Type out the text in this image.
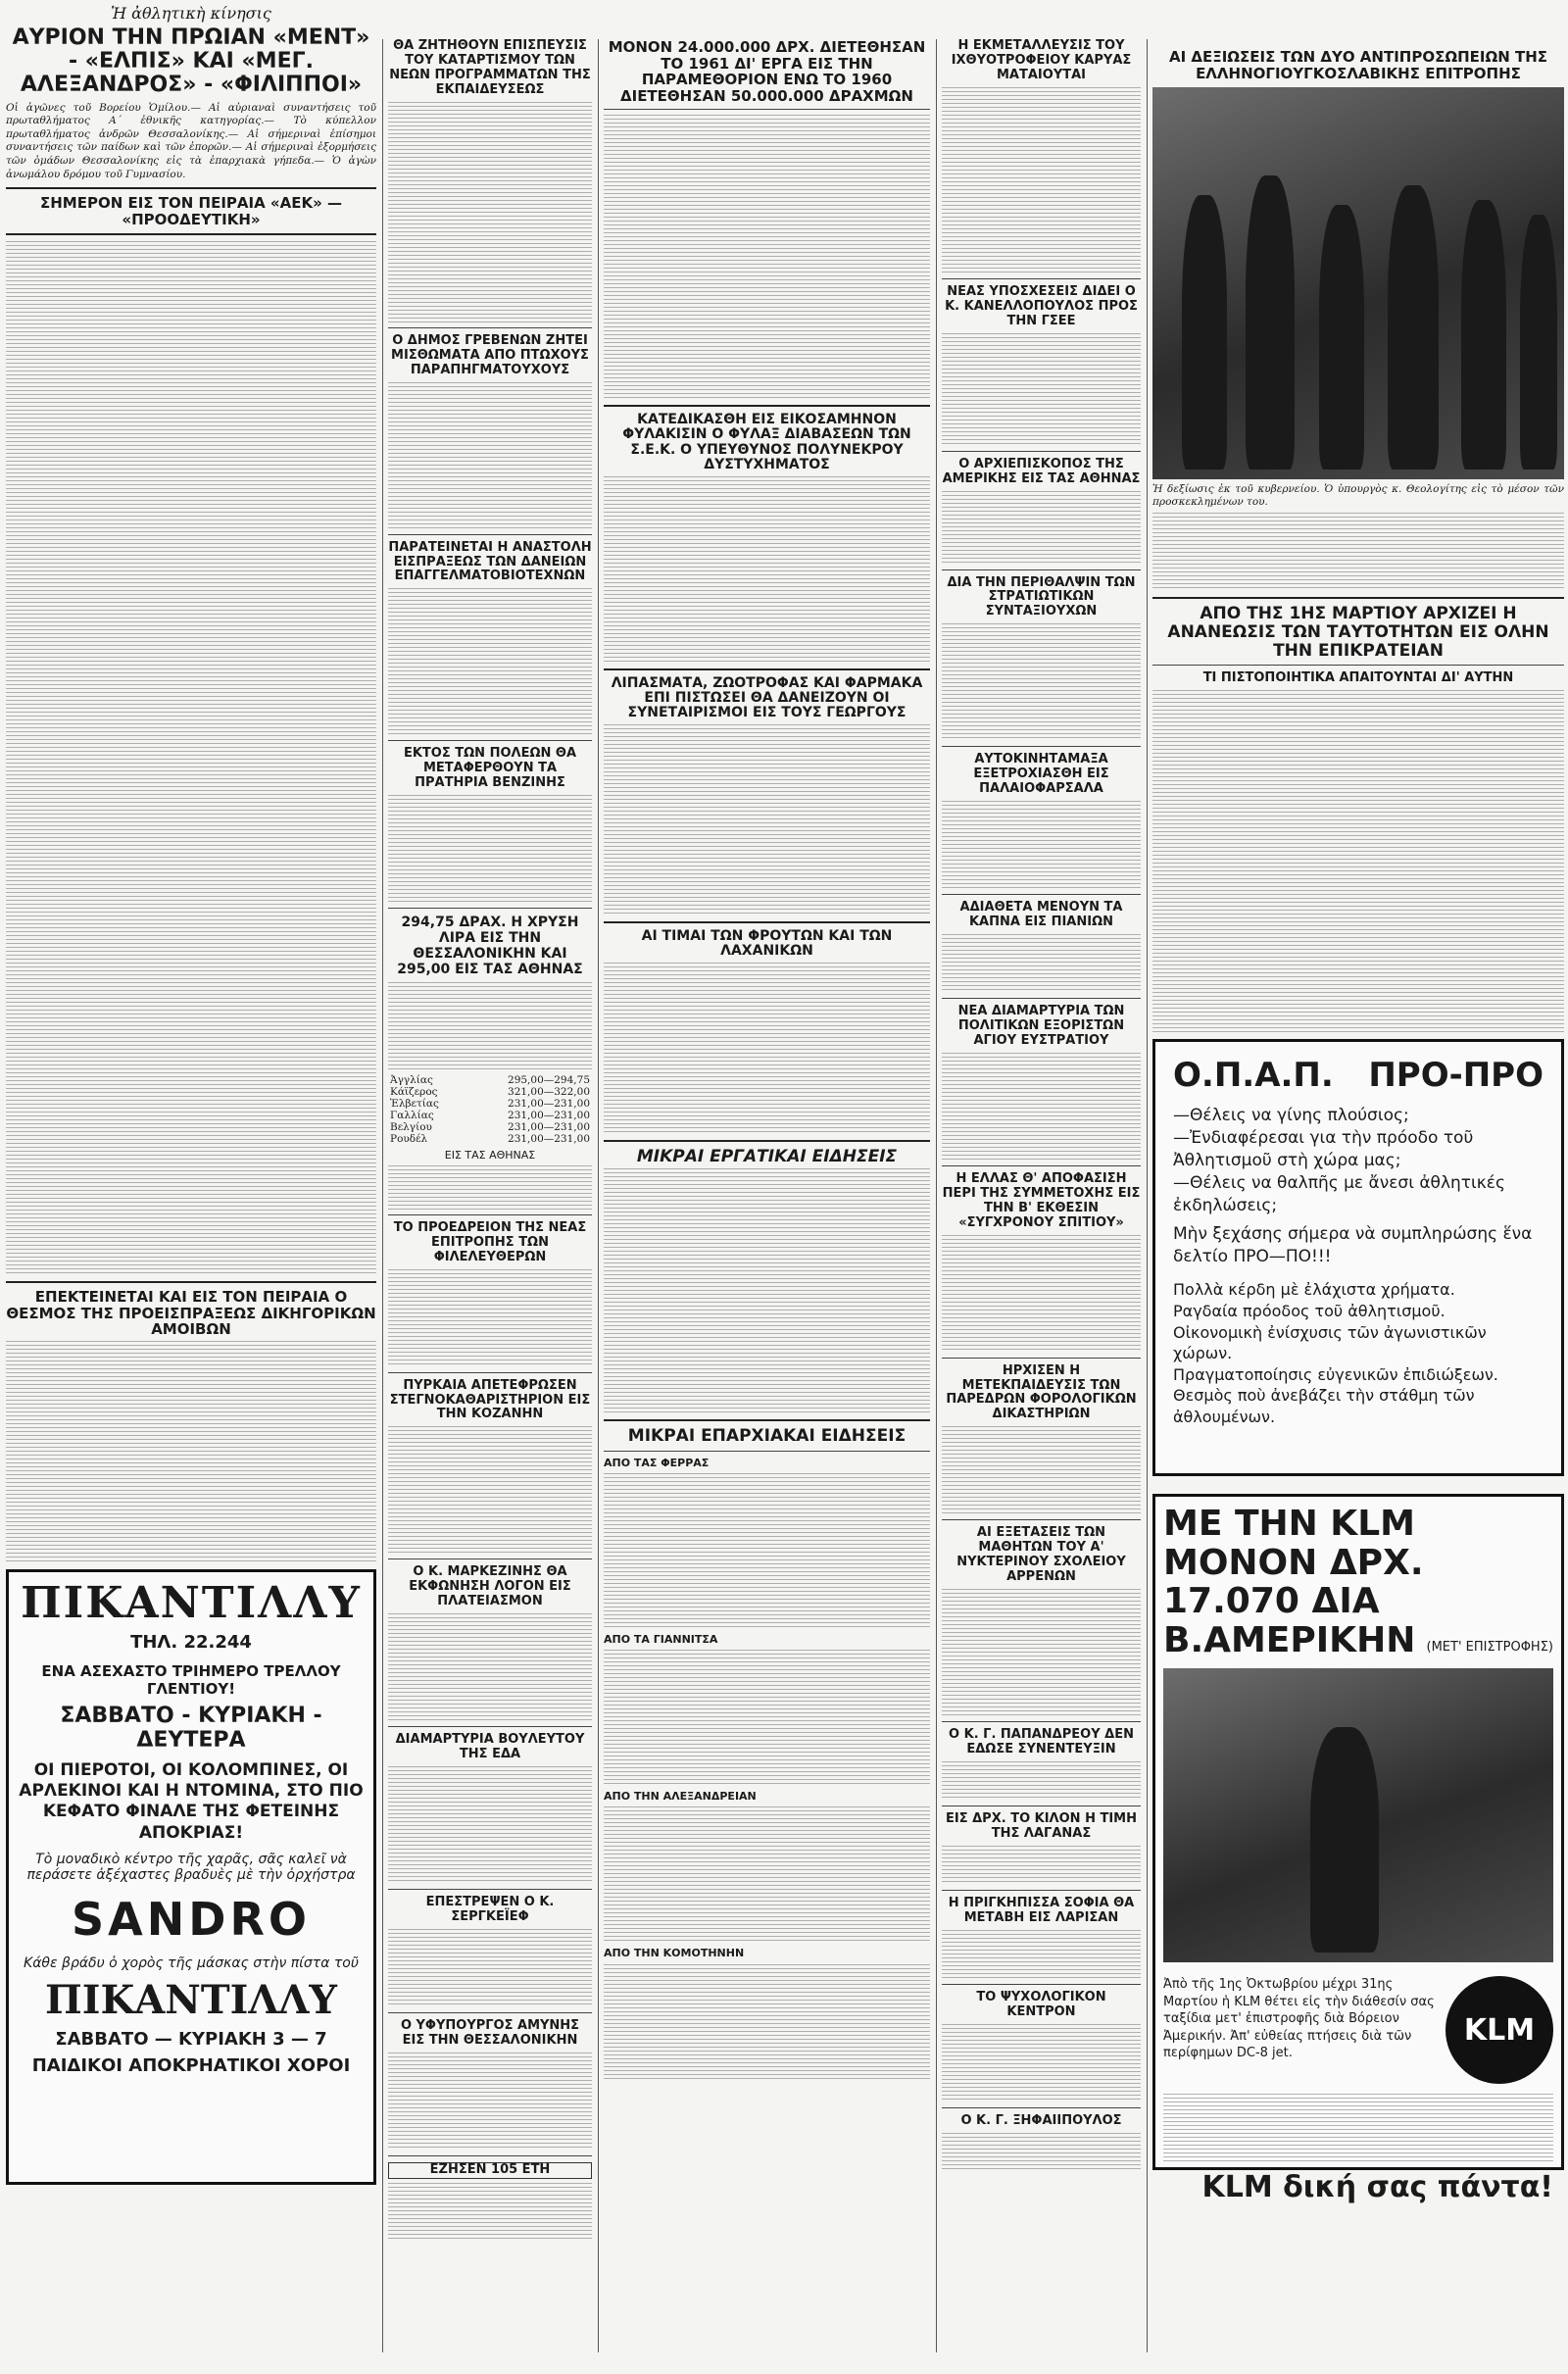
Ἡ ἀθλητικὴ κίνησις
ΑΥΡΙΟΝ ΤΗΝ ΠΡΩΙΑΝ «ΜΕΝΤ» - «ΕΛΠΙΣ» ΚΑΙ «ΜΕΓ. ΑΛΕΞΑΝΔΡΟΣ» - «ΦΙΛΙΠΠΟΙ»
Οἱ ἀγῶνες τοῦ Βορείου Ὁμίλου.— Αἱ αὐριαναὶ συναντήσεις τοῦ πρωταθλήματος Α΄ ἐθνικῆς κατηγορίας.— Τὸ κύπελλον πρωταθλήματος ἀνδρῶν Θεσσαλονίκης.— Αἱ σήμεριναὶ ἐπίσημοι συναντήσεις τῶν παίδων καὶ τῶν ἐπορῶν.— Αἱ σήμεριναὶ ἐξορμήσεις τῶν ὁμάδων Θεσσαλονίκης εἰς τὰ ἐπαρχιακὰ γήπεδα.— Ὁ ἀγὼν ἀνωμάλου δρόμου τοῦ Γυμνασίου.
ΣΗΜΕΡΟΝ ΕΙΣ ΤΟΝ ΠΕΙΡΑΙΑ «ΑΕΚ» — «ΠΡΟΟΔΕΥΤΙΚΗ»
ΕΠΕΚΤΕΙΝΕΤΑΙ ΚΑΙ ΕΙΣ ΤΟΝ ΠΕΙΡΑΙΑ Ο ΘΕΣΜΟΣ ΤΗΣ ΠΡΟΕΙΣΠΡΑΞΕΩΣ ΔΙΚΗΓΟΡΙΚΩΝ ΑΜΟΙΒΩΝ
ΠΙΚΑΝΤΙΛΛΥ
ΤΗΛ. 22.244
ΕΝΑ ΑΣΕΧΑΣΤΟ ΤΡΙΗΜΕΡΟ ΤΡΕΛΛΟΥ ΓΛΕΝΤΙΟΥ!
ΣΑΒΒΑΤΟ - ΚΥΡΙΑΚΗ - ΔΕΥΤΕΡΑ
ΟΙ ΠΙΕΡΟΤΟΙ, ΟΙ ΚΟΛΟΜΠΙΝΕΣ, ΟΙ ΑΡΛΕΚΙΝΟΙ ΚΑΙ Η ΝΤΟΜΙΝΑ, ΣΤΟ ΠΙΟ ΚΕΦΑΤΟ ΦΙΝΑΛΕ ΤΗΣ ΦΕΤΕΙΝΗΣ ΑΠΟΚΡΙΑΣ!
Τὸ μοναδικὸ κέντρο τῆς χαρᾶς, σᾶς καλεῖ νὰ περάσετε ἀξέχαστες βραδυὲς μὲ τὴν ὀρχήστρα
SANDRO
Κάθε βράδυ ὁ χορὸς τῆς μάσκας στὴν πίστα τοῦ
ΠΙΚΑΝΤΙΛΛΥ
ΣΑΒΒΑΤΟ — ΚΥΡΙΑΚΗ 3 — 7
ΠΑΙΔΙΚΟΙ ΑΠΟΚΡΗΑΤΙΚΟΙ ΧΟΡΟΙ
ΘΑ ΖΗΤΗΘΟΥΝ ΕΠΙΣΠΕΥΣΙΣ ΤΟΥ ΚΑΤΑΡΤΙΣΜΟΥ ΤΩΝ ΝΕΩΝ ΠΡΟΓΡΑΜΜΑΤΩΝ ΤΗΣ ΕΚΠΑΙΔΕΥΣΕΩΣ
Ο ΔΗΜΟΣ ΓΡΕΒΕΝΩΝ ΖΗΤΕΙ ΜΙΣΘΩΜΑΤΑ ΑΠΟ ΠΤΩΧΟΥΣ ΠΑΡΑΠΗΓΜΑΤΟΥΧΟΥΣ
ΠΑΡΑΤΕΙΝΕΤΑΙ Η ΑΝΑΣΤΟΛΗ ΕΙΣΠΡΑΞΕΩΣ ΤΩΝ ΔΑΝΕΙΩΝ ΕΠΑΓΓΕΛΜΑΤΟΒΙΟΤΕΧΝΩΝ
ΕΚΤΟΣ ΤΩΝ ΠΟΛΕΩΝ ΘΑ ΜΕΤΑΦΕΡΘΟΥΝ ΤΑ ΠΡΑΤΗΡΙΑ ΒΕΝΖΙΝΗΣ
294,75 ΔΡΑΧ. Η ΧΡΥΣΗ ΛΙΡΑ ΕΙΣ ΤΗΝ ΘΕΣΣΑΛΟΝΙΚΗΝ ΚΑΙ 295,00 ΕΙΣ ΤΑΣ ΑΘΗΝΑΣ
Ἀγγλίας	295,00—294,75
Κάϊζερος	321,00—322,00
Ἑλβετίας	231,00—231,00
Γαλλίας	231,00—231,00
Βελγίου	231,00—231,00
Ρουδέλ	231,00—231,00
ΕΙΣ ΤΑΣ ΑΘΗΝΑΣ
ΤΟ ΠΡΟΕΔΡΕΙΟΝ ΤΗΣ ΝΕΑΣ ΕΠΙΤΡΟΠΗΣ ΤΩΝ ΦΙΛΕΛΕΥΘΕΡΩΝ
ΠΥΡΚΑΙΑ ΑΠΕΤΕΦΡΩΣΕΝ ΣΤΕΓΝΟΚΑΘΑΡΙΣΤΗΡΙΟΝ ΕΙΣ ΤΗΝ ΚΟΖΑΝΗΝ
Ο Κ. ΜΑΡΚΕΖΙΝΗΣ ΘΑ ΕΚΦΩΝΗΣΗ ΛΟΓΟΝ ΕΙΣ ΠΛΑΤΕΙΑΣΜΟΝ
ΔΙΑΜΑΡΤΥΡΙΑ ΒΟΥΛΕΥΤΟΥ ΤΗΣ ΕΔΑ
ΕΠΕΣΤΡΕΨΕΝ Ο Κ. ΣΕΡΓΚΕΪΕΦ
Ο ΥΦΥΠΟΥΡΓΟΣ ΑΜΥΝΗΣ ΕΙΣ ΤΗΝ ΘΕΣΣΑΛΟΝΙΚΗΝ
ΕΖΗΣΕΝ 105 ΕΤΗ
ΜΟΝΟΝ 24.000.000 ΔΡΧ. ΔΙΕΤΕΘΗΣΑΝ ΤΟ 1961 ΔΙ' ΕΡΓΑ ΕΙΣ ΤΗΝ ΠΑΡΑΜΕΘΟΡΙΟΝ ΕΝΩ ΤΟ 1960 ΔΙΕΤΕΘΗΣΑΝ 50.000.000 ΔΡΑΧΜΩΝ
ΚΑΤΕΔΙΚΑΣΘΗ ΕΙΣ ΕΙΚΟΣΑΜΗΝΟΝ ΦΥΛΑΚΙΣΙΝ Ο ΦΥΛΑΞ ΔΙΑΒΑΣΕΩΝ ΤΩΝ Σ.Ε.Κ. Ο ΥΠΕΥΘΥΝΟΣ ΠΟΛΥΝΕΚΡΟΥ ΔΥΣΤΥΧΗΜΑΤΟΣ
ΛΙΠΑΣΜΑΤΑ, ΖΩΟΤΡΟΦΑΣ ΚΑΙ ΦΑΡΜΑΚΑ ΕΠΙ ΠΙΣΤΩΣΕΙ ΘΑ ΔΑΝΕΙΖΟΥΝ ΟΙ ΣΥΝΕΤΑΙΡΙΣΜΟΙ ΕΙΣ ΤΟΥΣ ΓΕΩΡΓΟΥΣ
ΑΙ ΤΙΜΑΙ ΤΩΝ ΦΡΟΥΤΩΝ ΚΑΙ ΤΩΝ ΛΑΧΑΝΙΚΩΝ
ΜΙΚΡΑΙ ΕΡΓΑΤΙΚΑΙ ΕΙΔΗΣΕΙΣ
ΜΙΚΡΑΙ ΕΠΑΡΧΙΑΚΑΙ ΕΙΔΗΣΕΙΣ
ΑΠΟ ΤΑΣ ΦΕΡΡΑΣ
ΑΠΟ ΤΑ ΓΙΑΝΝΙΤΣΑ
ΑΠΟ ΤΗΝ ΑΛΕΞΑΝΔΡΕΙΑΝ
ΑΠΟ ΤΗΝ ΚΟΜΟΤΗΝΗΝ
Η ΕΚΜΕΤΑΛΛΕΥΣΙΣ ΤΟΥ ΙΧΘΥΟΤΡΟΦΕΙΟΥ ΚΑΡΥΑΣ ΜΑΤΑΙΟΥΤΑΙ
ΝΕΑΣ ΥΠΟΣΧΕΣΕΙΣ ΔΙΔΕΙ Ο Κ. ΚΑΝΕΛΛΟΠΟΥΛΟΣ ΠΡΟΣ ΤΗΝ ΓΣΕΕ
Ο ΑΡΧΙΕΠΙΣΚΟΠΟΣ ΤΗΣ ΑΜΕΡΙΚΗΣ ΕΙΣ ΤΑΣ ΑΘΗΝΑΣ
ΔΙΑ ΤΗΝ ΠΕΡΙΘΑΛΨΙΝ ΤΩΝ ΣΤΡΑΤΙΩΤΙΚΩΝ ΣΥΝΤΑΞΙΟΥΧΩΝ
ΑΥΤΟΚΙΝΗΤΑΜΑΞΑ ΕΞΕΤΡΟΧΙΑΣΘΗ ΕΙΣ ΠΑΛΑΙΟΦΑΡΣΑΛΑ
ΑΔΙΑΘΕΤΑ ΜΕΝΟΥΝ ΤΑ ΚΑΠΝΑ ΕΙΣ ΠΙΑΝΙΩΝ
ΝΕΑ ΔΙΑΜΑΡΤΥΡΙΑ ΤΩΝ ΠΟΛΙΤΙΚΩΝ ΕΞΟΡΙΣΤΩΝ ΑΓΙΟΥ ΕΥΣΤΡΑΤΙΟΥ
Η ΕΛΛΑΣ Θ' ΑΠΟΦΑΣΙΣΗ ΠΕΡΙ ΤΗΣ ΣΥΜΜΕΤΟΧΗΣ ΕΙΣ ΤΗΝ Β' ΕΚΘΕΣΙΝ «ΣΥΓΧΡΟΝΟΥ ΣΠΙΤΙΟΥ»
ΗΡΧΙΣΕΝ Η ΜΕΤΕΚΠΑΙΔΕΥΣΙΣ ΤΩΝ ΠΑΡΕΔΡΩΝ ΦΟΡΟΛΟΓΙΚΩΝ ΔΙΚΑΣΤΗΡΙΩΝ
ΑΙ ΕΞΕΤΑΣΕΙΣ ΤΩΝ ΜΑΘΗΤΩΝ ΤΟΥ Α' ΝΥΚΤΕΡΙΝΟΥ ΣΧΟΛΕΙΟΥ ΑΡΡΕΝΩΝ
Ο Κ. Γ. ΠΑΠΑΝΔΡΕΟΥ ΔΕΝ ΕΔΩΣΕ ΣΥΝΕΝΤΕΥΞΙΝ
ΕΙΣ ΔΡΧ. ΤΟ ΚΙΛΟΝ Η ΤΙΜΗ ΤΗΣ ΛΑΓΑΝΑΣ
Η ΠΡΙΓΚΗΠΙΣΣΑ ΣΟΦΙΑ ΘΑ ΜΕΤΑΒΗ ΕΙΣ ΛΑΡΙΣΑΝ
ΤΟ ΨΥΧΟΛΟΓΙΚΟΝ ΚΕΝΤΡΟΝ
Ο Κ. Γ. ΞΗΦΑΙΙΠΟΥΛΟΣ
ΑΙ ΔΕΞΙΩΣΕΙΣ ΤΩΝ ΔΥΟ ΑΝΤΙΠΡΟΣΩΠΕΙΩΝ ΤΗΣ ΕΛΛΗΝΟΓΙΟΥΓΚΟΣΛΑΒΙΚΗΣ ΕΠΙΤΡΟΠΗΣ
Ἡ δεξίωσις ἐκ τοῦ κυβερνείου. Ὁ ὑπουργὸς κ. Θεολογίτης εἰς τὸ μέσον τῶν προσκεκλημένων του.
ΑΠΟ ΤΗΣ 1ΗΣ ΜΑΡΤΙΟΥ ΑΡΧΙΖΕΙ Η ΑΝΑΝΕΩΣΙΣ ΤΩΝ ΤΑΥΤΟΤΗΤΩΝ ΕΙΣ ΟΛΗΝ ΤΗΝ ΕΠΙΚΡΑΤΕΙΑΝ
ΤΙ ΠΙΣΤΟΠΟΙΗΤΙΚΑ ΑΠΑΙΤΟΥΝΤΑΙ ΔΙ' ΑΥΤΗΝ
Ο.Π.Α.Π. ΠΡΟ-ΠΡΟ
—Θέλεις να γίνης πλούσιος;
—Ἐνδιαφέρεσαι για τὴν πρόοδο τοῦ Ἀθλητισμοῦ στὴ χώρα μας;
—Θέλεις να θαλπῆς με ἄνεσι ἀθλητικές ἐκδηλώσεις;
Μὴν ξεχάσης σήμερα νὰ συμπληρώσης ἕνα δελτίο ΠΡΟ—ΠΟ!!!
Πολλὰ κέρδη μὲ ἐλάχιστα χρήματα.
Ραγδαία πρόοδος τοῦ ἀθλητισμοῦ.
Οἰκονομικὴ ἐνίσχυσις τῶν ἀγωνιστικῶν χώρων.
Πραγματοποίησις εὐγενικῶν ἐπιδιώξεων.
Θεσμὸς ποὺ ἀνεβάζει τὴν στάθμη τῶν ἀθλουμένων.
ΜΕ ΤΗΝ KLM ΜΟΝΟΝ ΔΡΧ. 17.070 ΔΙΑ Β.ΑΜΕΡΙΚΗΝ (ΜΕΤ' ΕΠΙΣΤΡΟΦΗΣ)
Ἀπὸ τῆς 1ης Ὀκτωβρίου μέχρι 31ης Μαρτίου ἡ KLM θέτει εἰς τὴν διάθεσίν σας ταξίδια μετ' ἐπιστροφῆς διὰ Βόρειον Ἀμερικήν. Ἀπ' εὐθείας πτήσεις διὰ τῶν περίφημων DC-8 jet.
KLM
KLM δική σας πάντα!
